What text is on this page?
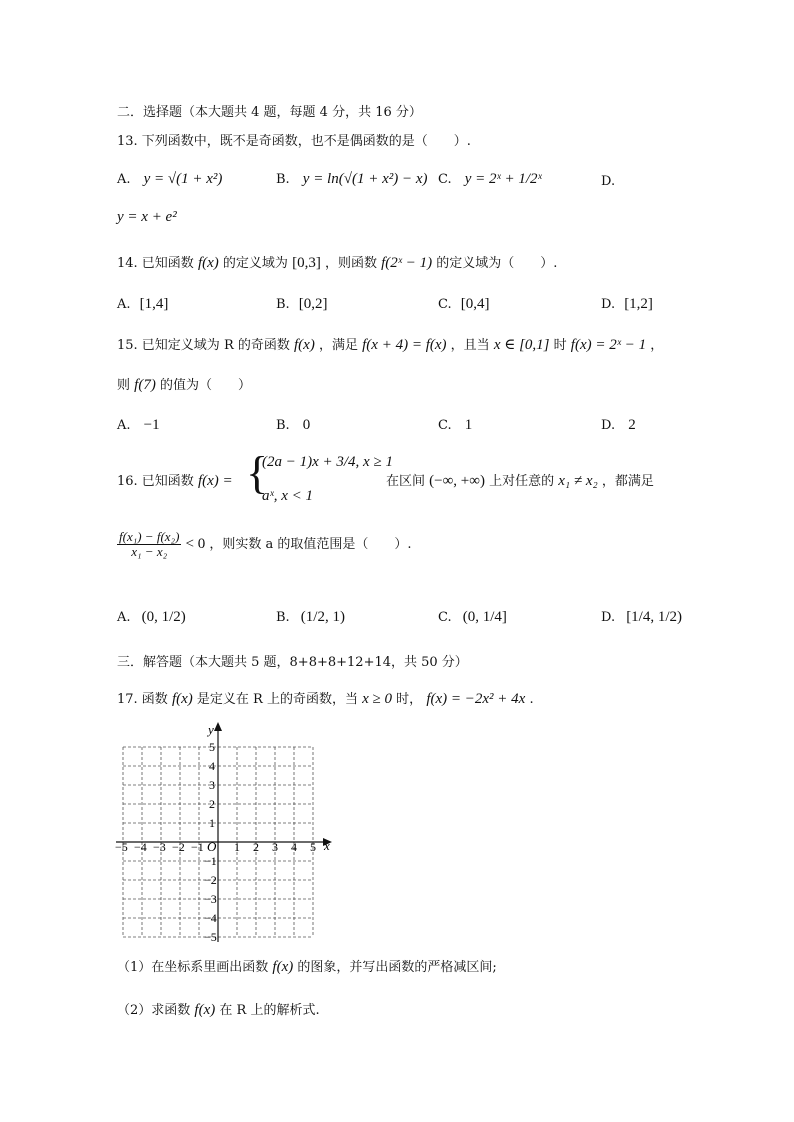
二．选择题（本大题共 4 题，每题 4 分，共 16 分）
13. 下列函数中，既不是奇函数，也不是偶函数的是（　　）.
A. y = √(1 + x²)	B. y = ln(√(1 + x²) − x) C. y = 2ˣ + 1/2ˣ	D.
y = x + e²
14. 已知函数 f(x) 的定义域为 [0,3] ，则函数 f(2ˣ − 1) 的定义域为（　　）.
A. [1,4]	B. [0,2]	C. [0,4]	D. [1,2]
15. 已知定义域为 R 的奇函数 f(x) ，满足 f(x + 4) = f(x) ，且当 x ∈ [0,1] 时 f(x) = 2ˣ − 1 ，
则 f(7) 的值为（　　）
A. −1	B. 0	C. 1	D. 2
16. 已知函数 f(x) = {
(2a − 1)x + 3/4, x ≥ 1
aˣ, x < 1
在区间 (−∞, +∞) 上对任意的 x₁ ≠ x₂ ，都满足
$\frac{\text{f(x₁) − f(x₂)}}{\text{x₁ − x₂}} < 0$ ，则实数 a 的取值范围是（　　）.
A. (0, 1/2)	B. (1/2, 1)	C. (0, 1/4]	D. [1/4, 1/2)
三．解答题（本大题共 5 题，8+8+8+12+14，共 50 分）
17. 函数 f(x) 是定义在 R 上的奇函数，当 x ≥ 0 时， f(x) = −2x² + 4x .
y
x
O
−5 −4 −3 −2 −1	1 2 3 4 5
5
4
3
2
1
−1
−2
−3
−4
−5
（1）在坐标系里画出函数 f(x) 的图象，并写出函数的严格减区间;
（2）求函数 f(x) 在 R 上的解析式.
